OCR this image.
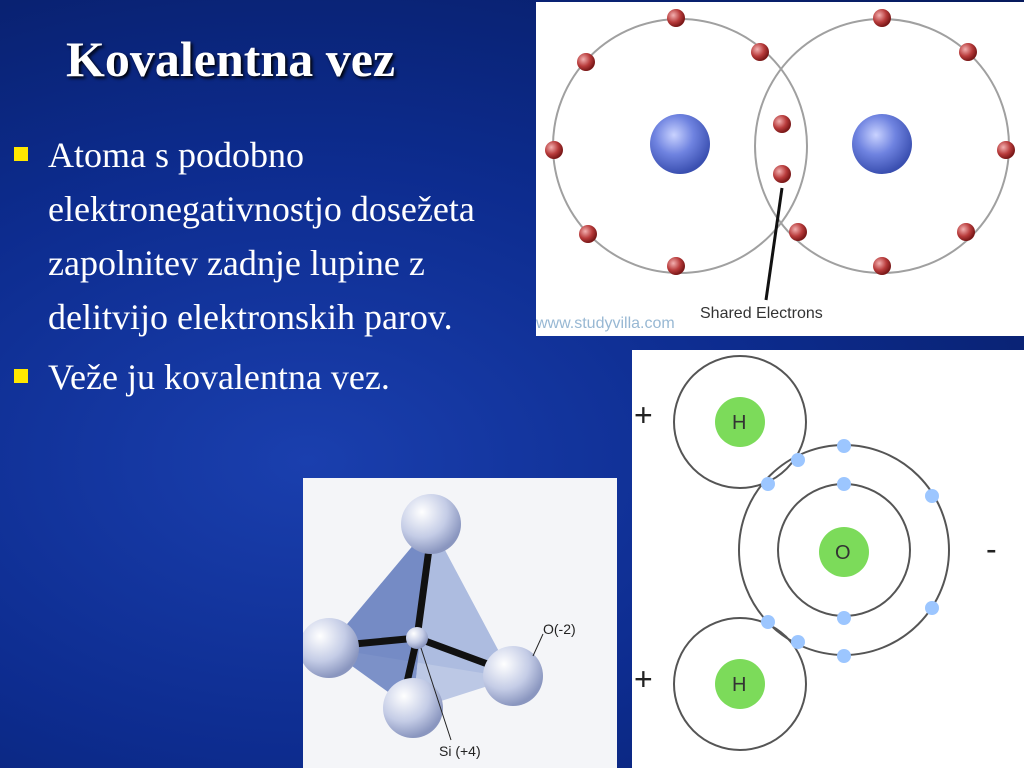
Kovalentna vez
Atoma s podobno elektronegativnostjo dosežeta zapolnitev zadnje lupine z delitvijo elektronskih parov.
Veže ju kovalentna vez.
Shared Electrons
www.studyvilla.com
H
O
H
+
-
+
O(-2)
Si (+4)
